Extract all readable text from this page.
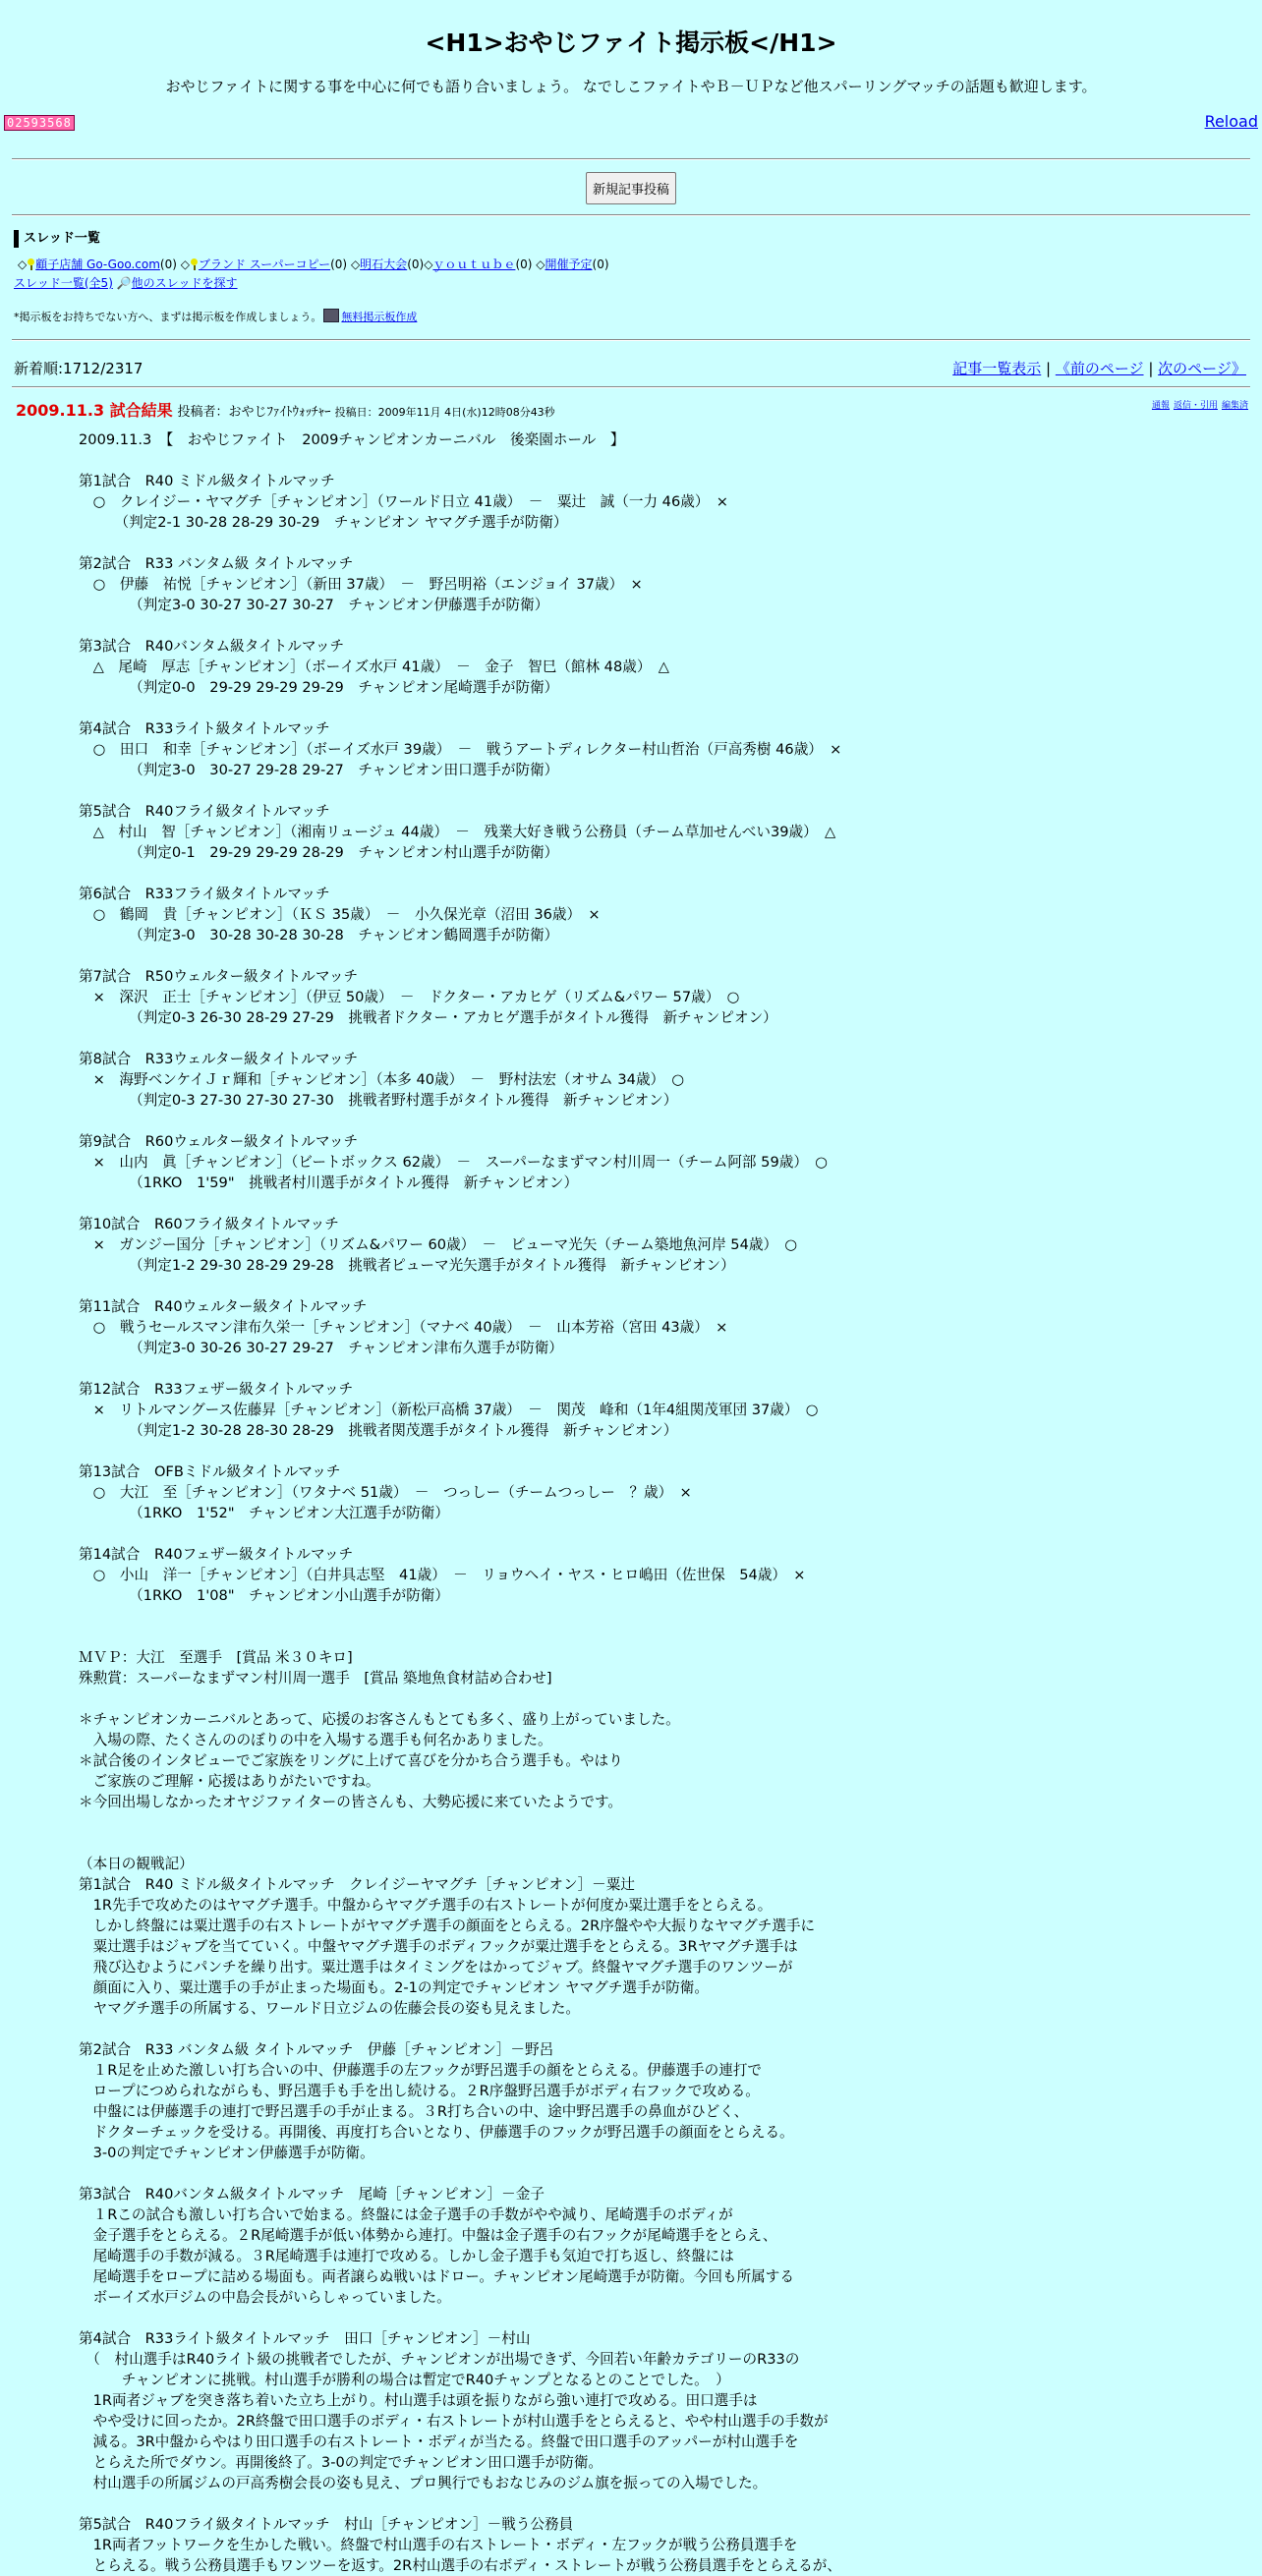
<H1>おやじファイト掲示板</H1>
おやじファイトに関する事を中心に何でも語り合いましょう。 なでしこファイトやＢ－ＵＰなど他スパーリングマッチの話題も歓迎します。
02593568	Reload
新規記事投稿
スレッド一覧
◇ 顧子店舗 Go-Goo.com(0) ◇ ブランド スーパーコピー(0) ◇明石大会(0)◇ｙｏｕｔｕｂｅ(0) ◇開催予定(0)
スレッド一覧(全5) 🔎他のスレッドを探す
*掲示板をお持ちでない方へ、まずは掲示板を作成しましょう。 無料掲示板作成
新着順:1712/2317	記事一覧表示 | 《前のページ | 次のページ》
2009.11.3 試合結果 投稿者：おやじﾌｧｲﾄｳｫｯﾁｬｰ 投稿日：2009年11月 4日(水)12時08分43秒	通報 返信・引用 編集済
2009.11.3　【　おやじファイト　2009チャンピオンカーニバル　後楽園ホール　】

第1試合　R40 ミドル級タイトルマッチ
　○　クレイジー・ヤマグチ［チャンピオン］（ワールド日立 41歳）　－　粟辻　誠（一力 46歳）　×
　　　（判定2-1 30-28 28-29 30-29　チャンピオン ヤマグチ選手が防衛）

第2試合　R33 バンタム級 タイトルマッチ
　○　伊藤　祐悦［チャンピオン］（新田 37歳）　－　野呂明裕（エンジョイ 37歳）　×
　　　　（判定3-0 30-27 30-27 30-27　チャンピオン伊藤選手が防衛）

第3試合　R40バンタム級タイトルマッチ
　△　尾崎　厚志［チャンピオン］（ボーイズ水戸 41歳）　－　金子　智巳（館林 48歳）　△
　　　　（判定0-0　29-29 29-29 29-29　チャンピオン尾崎選手が防衛）

第4試合　R33ライト級タイトルマッチ
　○　田口　和幸［チャンピオン］（ボーイズ水戸 39歳）　－　戦うアートディレクター村山哲治（戸高秀樹 46歳）　×
　　　　（判定3-0　30-27 29-28 29-27　チャンピオン田口選手が防衛）

第5試合　R40フライ級タイトルマッチ
　△　村山　智［チャンピオン］（湘南リュージュ 44歳）　－　残業大好き戦う公務員（チーム草加せんべい39歳）　△
　　　　（判定0-1　29-29 29-29 28-29　チャンピオン村山選手が防衛）

第6試合　R33フライ級タイトルマッチ
　○　鶴岡　貴［チャンピオン］（ＫＳ 35歳）　－　小久保光章（沼田 36歳）　×
　　　　（判定3-0　30-28 30-28 30-28　チャンピオン鶴岡選手が防衛）

第7試合　R50ウェルター級タイトルマッチ
　×　深沢　正士［チャンピオン］（伊豆 50歳）　－　ドクター・アカヒゲ（リズム&パワー 57歳）　○
　　　　（判定0-3 26-30 28-29 27-29　挑戦者ドクター・アカヒゲ選手がタイトル獲得　新チャンピオン）

第8試合　R33ウェルター級タイトルマッチ
　×　海野ベンケイＪｒ輝和［チャンピオン］（本多 40歳）　－　野村法宏（オサム 34歳）　○
　　　　（判定0-3 27-30 27-30 27-30　挑戦者野村選手がタイトル獲得　新チャンピオン）

第9試合　R60ウェルター級タイトルマッチ
　×　山内　眞［チャンピオン］（ビートボックス 62歳）　－　スーパーなまずマン村川周一（チーム阿部 59歳）　○
　　　　（1RKO　1'59"　挑戦者村川選手がタイトル獲得　新チャンピオン）

第10試合　R60フライ級タイトルマッチ
　×　ガンジー国分［チャンピオン］（リズム&パワー 60歳）　－　ピューマ光矢（チーム築地魚河岸 54歳）　○
　　　　（判定1-2 29-30 28-29 29-28　挑戦者ピューマ光矢選手がタイトル獲得　新チャンピオン）

第11試合　R40ウェルター級タイトルマッチ
　○　戦うセールスマン津布久栄一［チャンピオン］（マナベ 40歳）　－　山本芳裕（宮田 43歳）　×
　　　　（判定3-0 30-26 30-27 29-27　チャンピオン津布久選手が防衛）

第12試合　R33フェザー級タイトルマッチ
　×　リトルマングース佐藤昇［チャンピオン］（新松戸高橋 37歳）　－　関茂　峰和（1年4組関茂軍団 37歳）　○
　　　　（判定1-2 30-28 28-30 28-29　挑戦者関茂選手がタイトル獲得　新チャンピオン）

第13試合　OFBミドル級タイトルマッチ
　○　大江　至［チャンピオン］（ワタナベ 51歳）　－　つっしー（チームつっしー　？歳）　×
　　　　（1RKO　1'52"　チャンピオン大江選手が防衛）

第14試合　R40フェザー級タイトルマッチ
　○　小山　洋一［チャンピオン］（白井具志堅　41歳）　－　リョウヘイ・ヤス・ヒロ嶋田（佐世保　54歳）　×
　　　　（1RKO　1'08"　チャンピオン小山選手が防衛）

ＭＶＰ：大江　至選手　[賞品 米３０キロ]
殊勲賞：スーパーなまずマン村川周一選手　[賞品 築地魚食材詰め合わせ]

＊チャンピオンカーニバルとあって、応援のお客さんもとても多く、盛り上がっていました。
　入場の際、たくさんののぼりの中を入場する選手も何名かありました。
＊試合後のインタビューでご家族をリングに上げて喜びを分かち合う選手も。やはり
　ご家族のご理解・応援はありがたいですね。
＊今回出場しなかったオヤジファイターの皆さんも、大勢応援に来ていたようです。

（本日の観戦記）
第1試合　R40 ミドル級タイトルマッチ　クレイジーヤマグチ［チャンピオン］－粟辻
　1R先手で攻めたのはヤマグチ選手。中盤からヤマグチ選手の右ストレートが何度か粟辻選手をとらえる。
　しかし終盤には粟辻選手の右ストレートがヤマグチ選手の顔面をとらえる。2R序盤やや大振りなヤマグチ選手に
　粟辻選手はジャブを当てていく。中盤ヤマグチ選手のボディフックが粟辻選手をとらえる。3Rヤマグチ選手は
　飛び込むようにパンチを繰り出す。粟辻選手はタイミングをはかってジャブ。終盤ヤマグチ選手のワンツーが
　顔面に入り、粟辻選手の手が止まった場面も。2-1の判定でチャンピオン ヤマグチ選手が防衛。
　ヤマグチ選手の所属する、ワールド日立ジムの佐藤会長の姿も見えました。

第2試合　R33 バンタム級 タイトルマッチ　伊藤［チャンピオン］－野呂
　１R足を止めた激しい打ち合いの中、伊藤選手の左フックが野呂選手の顔をとらえる。伊藤選手の連打で
　ロープにつめられながらも、野呂選手も手を出し続ける。２R序盤野呂選手がボディ右フックで攻める。
　中盤には伊藤選手の連打で野呂選手の手が止まる。３R打ち合いの中、途中野呂選手の鼻血がひどく、
　ドクターチェックを受ける。再開後、再度打ち合いとなり、伊藤選手のフックが野呂選手の顔面をとらえる。
　3-0の判定でチャンピオン伊藤選手が防衛。

第3試合　R40バンタム級タイトルマッチ　尾崎［チャンピオン］－金子
　１Rこの試合も激しい打ち合いで始まる。終盤には金子選手の手数がやや減り、尾崎選手のボディが
　金子選手をとらえる。２R尾崎選手が低い体勢から連打。中盤は金子選手の右フックが尾崎選手をとらえ、
　尾崎選手の手数が減る。３R尾崎選手は連打で攻める。しかし金子選手も気迫で打ち返し、終盤には
　尾崎選手をロープに詰める場面も。両者譲らぬ戦いはドロー。チャンピオン尾崎選手が防衛。今回も所属する
　ボーイズ水戸ジムの中島会長がいらしゃっていました。

第4試合　R33ライト級タイトルマッチ　田口［チャンピオン］－村山
　（　村山選手はR40ライト級の挑戦者でしたが、チャンピオンが出場できず、今回若い年齢カテゴリーのR33の
　　　チャンピオンに挑戦。村山選手が勝利の場合は暫定でR40チャンプとなるとのことでした。　）
　1R両者ジャブを突き落ち着いた立ち上がり。村山選手は頭を振りながら強い連打で攻める。田口選手は
　やや受けに回ったか。2R終盤で田口選手のボディ・右ストレートが村山選手をとらえると、やや村山選手の手数が
　減る。3R中盤からやはり田口選手の右ストレート・ボディが当たる。終盤で田口選手のアッパーが村山選手を
　とらえた所でダウン。再開後終了。3-0の判定でチャンピオン田口選手が防衛。
　村山選手の所属ジムの戸高秀樹会長の姿も見え、プロ興行でもおなじみのジム旗を振っての入場でした。

第5試合　R40フライ級タイトルマッチ　村山［チャンピオン］－戦う公務員
　1R両者フットワークを生かした戦い。終盤で村山選手の右ストレート・ボディ・左フックが戦う公務員選手を
　とらえる。戦う公務員選手もワンツーを返す。2R村山選手の右ボディ・ストレートが戦う公務員選手をとらえるが、
